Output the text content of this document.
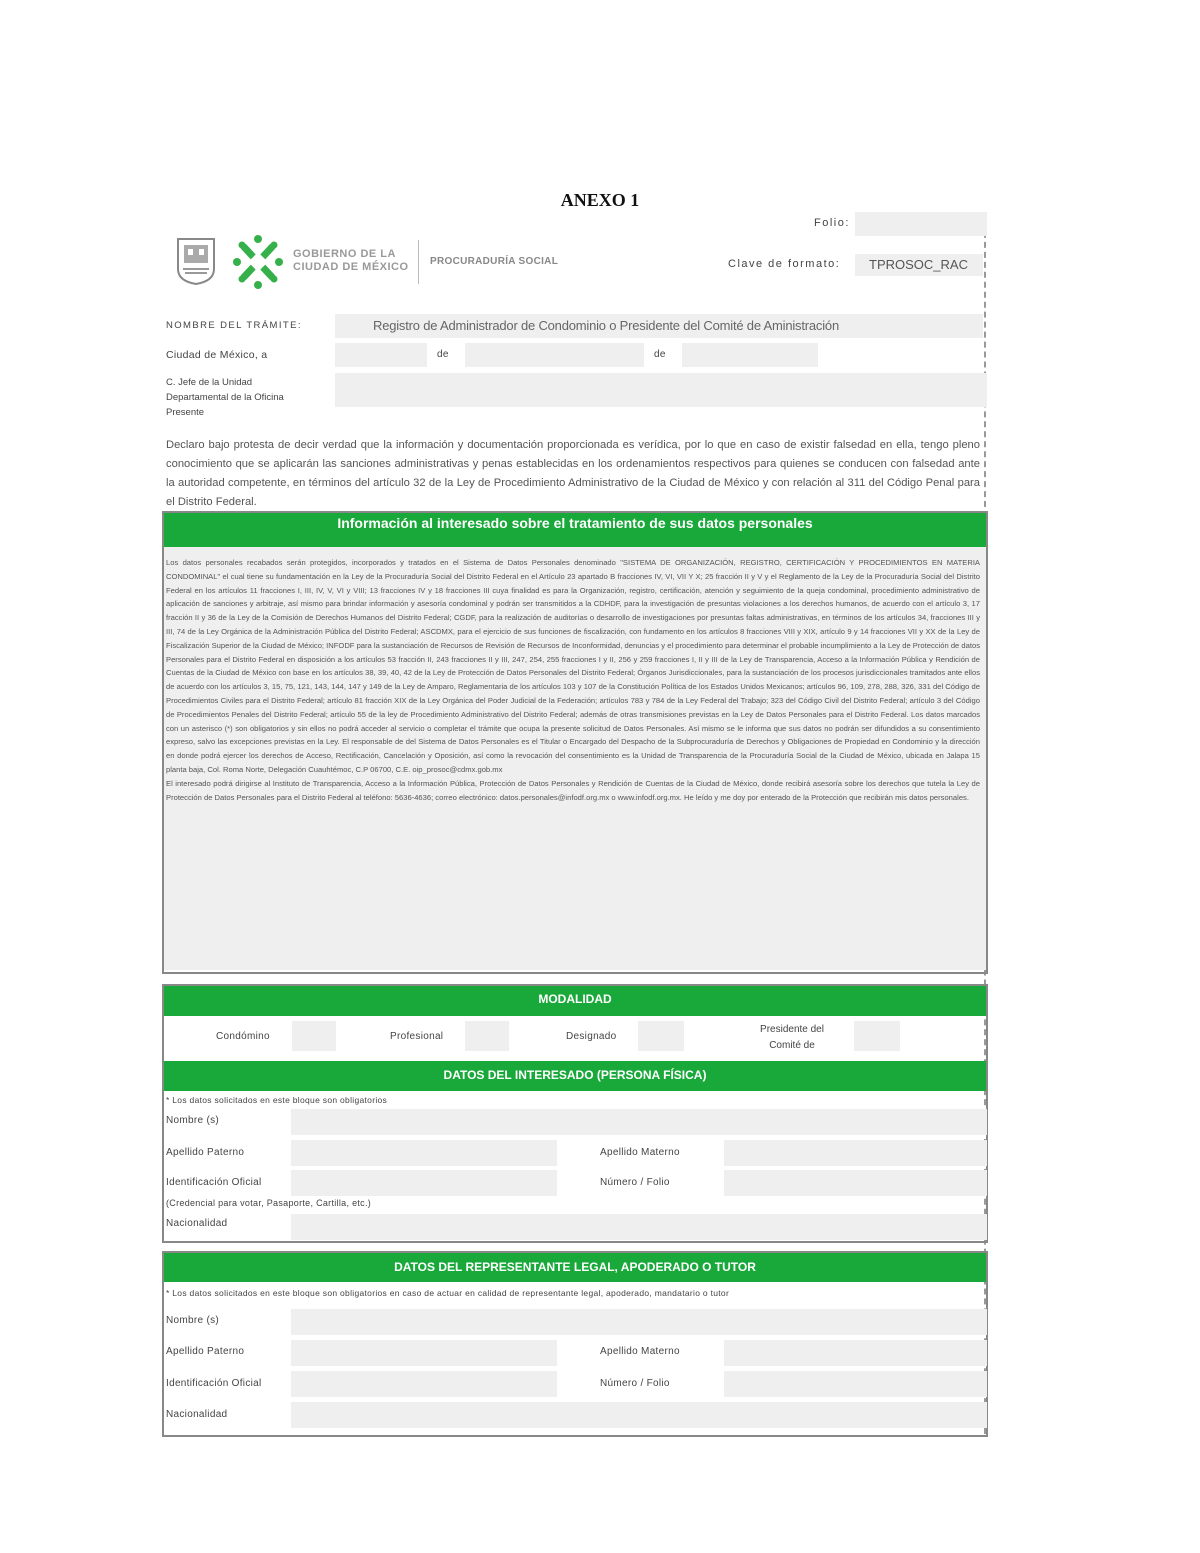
ANEXO 1
Folio:
GOBIERNO DE LA
CIUDAD DE MÉXICO PROCURADURÍA SOCIAL	Clave de formato: TPROSOC_RAC
NOMBRE DEL TRÁMITE:	Registro de Administrador de Condominio o Presidente del Comité de Aministración
Ciudad de México, a	de	de
C. Jefe de la Unidad
Departamental de la Oficina
Presente
Declaro bajo protesta de decir verdad que la información y documentación proporcionada es verídica, por lo que en caso de existir falsedad en ella, tengo pleno conocimiento que se aplicarán las sanciones administrativas y penas establecidas en los ordenamientos respectivos para quienes se conducen con falsedad ante la autoridad competente, en términos del artículo 32 de la Ley de Procedimiento Administrativo de la Ciudad de México y con relación al 311 del Código Penal para el Distrito Federal.
Información al interesado sobre el tratamiento de sus datos personales
Los datos personales recabados serán protegidos, incorporados y tratados en el Sistema de Datos Personales denominado "SISTEMA DE ORGANIZACIÓN, REGISTRO, CERTIFICACIÓN Y PROCEDIMIENTOS EN MATERIA CONDOMINAL" el cual tiene su fundamentación en la Ley de la Procuraduría Social del Distrito Federal en el Artículo 23 apartado B fracciones IV, VI, VII Y X; 25 fracción II y V y el Reglamento de la Ley de la Procuraduría Social del Distrito Federal en los artículos 11 fracciones I, III, IV, V, VI y VIII; 13 fracciones IV y 18 fracciones III cuya finalidad es para la Organización, registro, certificación, atención y seguimiento de la queja condominal, procedimiento administrativo de aplicación de sanciones y arbitraje, así mismo para brindar información y asesoría condominal y podrán ser transmitidos a la CDHDF, para la investigación de presuntas violaciones a los derechos humanos, de acuerdo con el artículo 3, 17 fracción II y 36 de la Ley de la Comisión de Derechos Humanos del Distrito Federal; CGDF, para la realización de auditorías o desarrollo de investigaciones por presuntas faltas administrativas, en términos de los artículos 34, fracciones III y III, 74 de la Ley Orgánica de la Administración Pública del Distrito Federal; ASCDMX, para el ejercicio de sus funciones de fiscalización, con fundamento en los artículos 8 fracciones VIII y XIX, artículo 9 y 14 fracciones VII y XX de la Ley de Fiscalización Superior de la Ciudad de México; INFODF para la sustanciación de Recursos de Revisión de Recursos de Inconformidad, denuncias y el procedimiento para determinar el probable incumplimiento a la Ley de Protección de datos Personales para el Distrito Federal en disposición a los artículos 53 fracción II, 243 fracciones II y III, 247, 254, 255 fracciones I y II, 256 y 259 fracciones I, II y III de la Ley de Transparencia, Acceso a la Información Pública y Rendición de Cuentas de la Ciudad de México con base en los artículos 38, 39, 40, 42 de la Ley de Protección de Datos Personales del Distrito Federal; Órganos Jurisdiccionales, para la sustanciación de los procesos jurisdiccionales tramitados ante ellos de acuerdo con los artículos 3, 15, 75, 121, 143, 144, 147 y 149 de la Ley de Amparo, Reglamentaria de los artículos 103 y 107 de la Constitución Política de los Estados Unidos Mexicanos; artículos 96, 109, 278, 288, 326, 331 del Código de Procedimientos Civiles para el Distrito Federal; artículo 81 fracción XIX de la Ley Orgánica del Poder Judicial de la Federación; artículos 783 y 784 de la Ley Federal del Trabajo; 323 del Código Civil del Distrito Federal; artículo 3 del Código de Procedimientos Penales del Distrito Federal; artículo 55 de la ley de Procedimiento Administrativo del Distrito Federal; además de otras transmisiones previstas en la Ley de Datos Personales para el Distrito Federal. Los datos marcados con un asterisco (*) son obligatorios y sin ellos no podrá acceder al servicio o completar el trámite que ocupa la presente solicitud de Datos Personales. Así mismo se le informa que sus datos no podrán ser difundidos a su consentimiento expreso, salvo las excepciones previstas en la Ley. El responsable de del Sistema de Datos Personales es el Titular o Encargado del Despacho de la Subprocuraduría de Derechos y Obligaciones de Propiedad en Condominio y la dirección en donde podrá ejercer los derechos de Acceso, Rectificación, Cancelación y Oposición, así como la revocación del consentimiento es la Unidad de Transparencia de la Procuraduría Social de la Ciudad de México, ubicada en Jalapa 15 planta baja, Col. Roma Norte, Delegación Cuauhtémoc, C.P 06700, C.E. oip_prosoc@cdmx.gob.mx
El interesado podrá dirigirse al Instituto de Transparencia, Acceso a la Información Pública, Protección de Datos Personales y Rendición de Cuentas de la Ciudad de México, donde recibirá asesoría sobre los derechos que tutela la Ley de Protección de Datos Personales para el Distrito Federal al teléfono: 5636-4636; correo electrónico: datos.personales@infodf.org.mx o www.infodf.org.mx. He leído y me doy por enterado de la Protección que recibirán mis datos personales.
MODALIDAD
Condómino	Profesional	Designado
Presidente del
Comité de
DATOS DEL INTERESADO (PERSONA FÍSICA)
* Los datos solicitados en este bloque son obligatorios
Nombre (s)
Apellido Paterno	Apellido Materno
Identificación Oficial	Número / Folio
(Credencial para votar, Pasaporte, Cartilla, etc.)
Nacionalidad
DATOS DEL REPRESENTANTE LEGAL, APODERADO O TUTOR
* Los datos solicitados en este bloque son obligatorios en caso de actuar en calidad de representante legal, apoderado, mandatario o tutor
Nombre (s)
Apellido Paterno	Apellido Materno
Identificación Oficial	Número / Folio
Nacionalidad
